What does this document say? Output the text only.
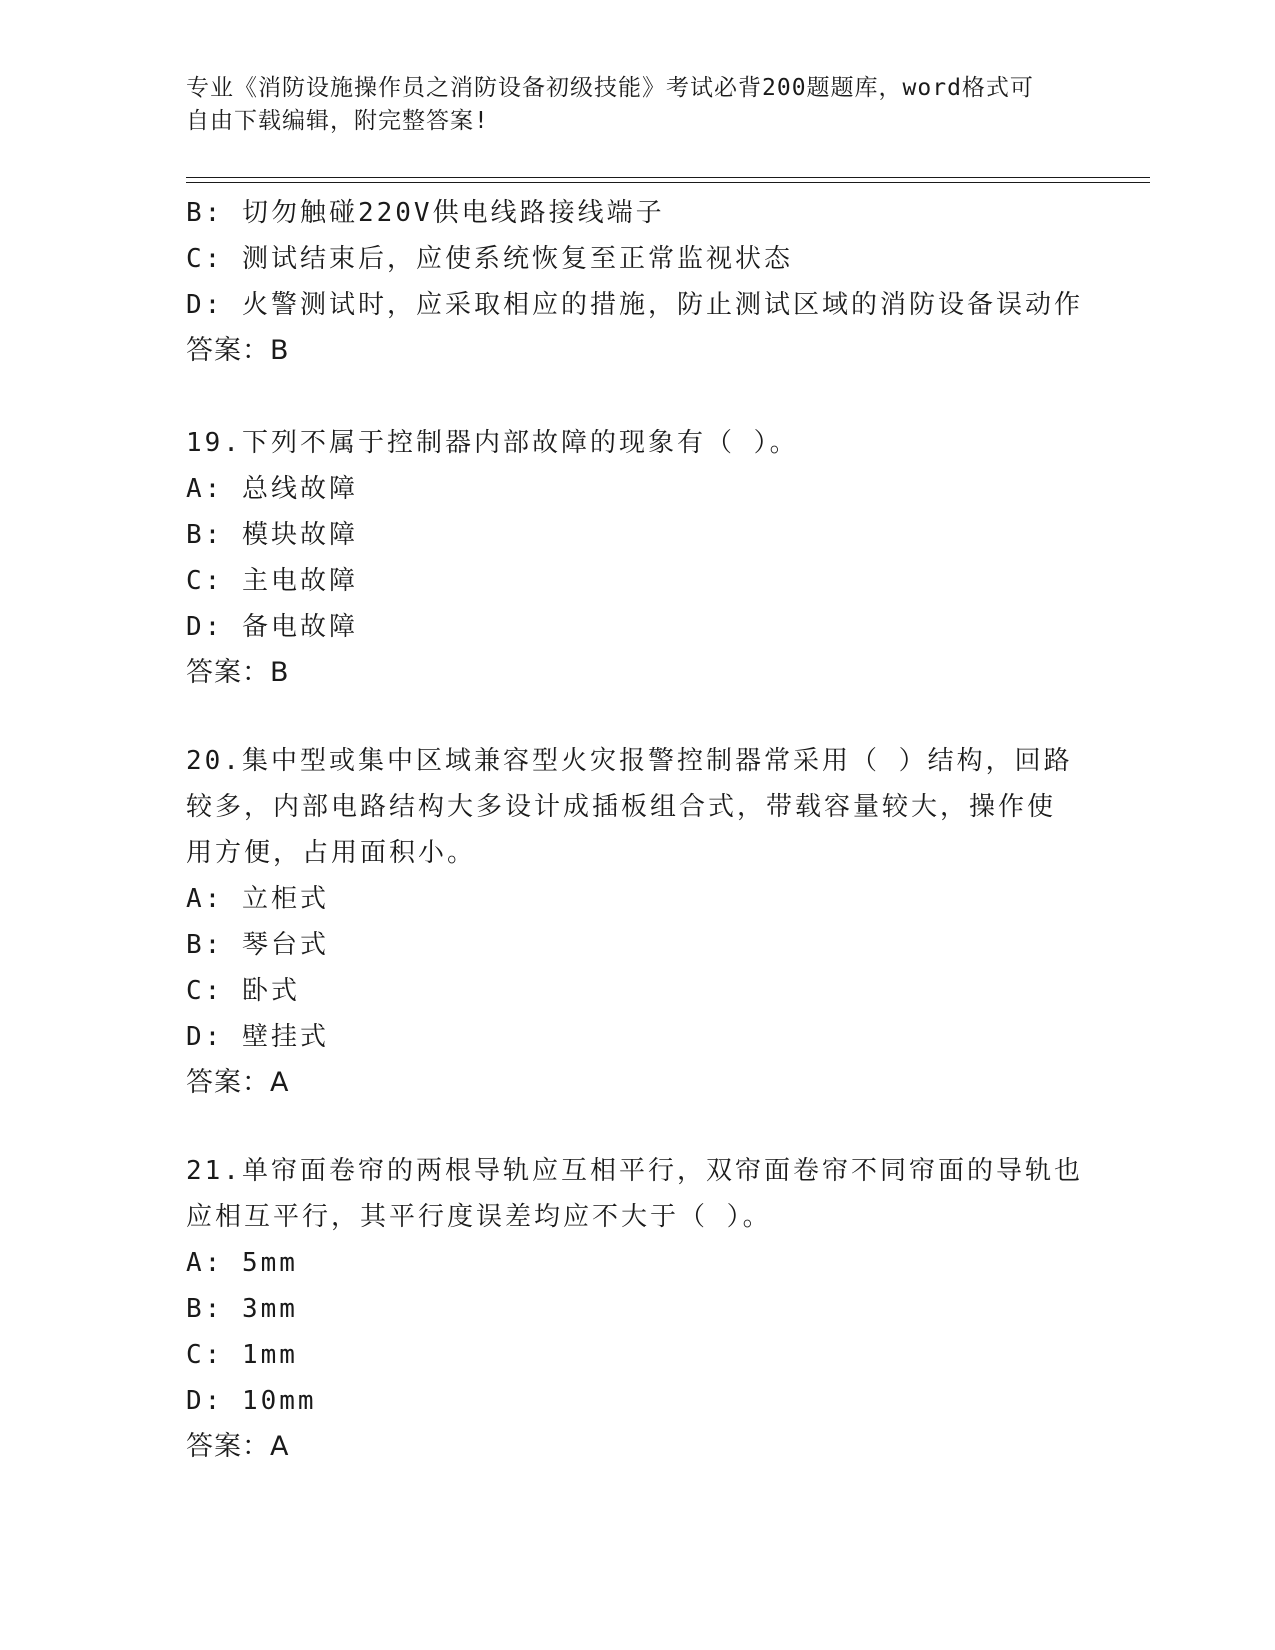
专业《消防设施操作员之消防设备初级技能》考试必背200题题库，word格式可
自由下载编辑，附完整答案!
B: 切勿触碰220V供电线路接线端子
C: 测试结束后，应使系统恢复至正常监视状态
D: 火警测试时，应采取相应的措施，防止测试区域的消防设备误动作
答案：B
19.下列不属于控制器内部故障的现象有（ ）。
A: 总线故障
B: 模块故障
C: 主电故障
D: 备电故障
答案：B
20.集中型或集中区域兼容型火灾报警控制器常采用（ ）结构，回路
较多，内部电路结构大多设计成插板组合式，带载容量较大，操作使
用方便，占用面积小。
A: 立柜式
B: 琴台式
C: 卧式
D: 壁挂式
答案：A
21.单帘面卷帘的两根导轨应互相平行，双帘面卷帘不同帘面的导轨也
应相互平行，其平行度误差均应不大于（ ）。
A: 5mm
B: 3mm
C: 1mm
D: 10mm
答案：A
